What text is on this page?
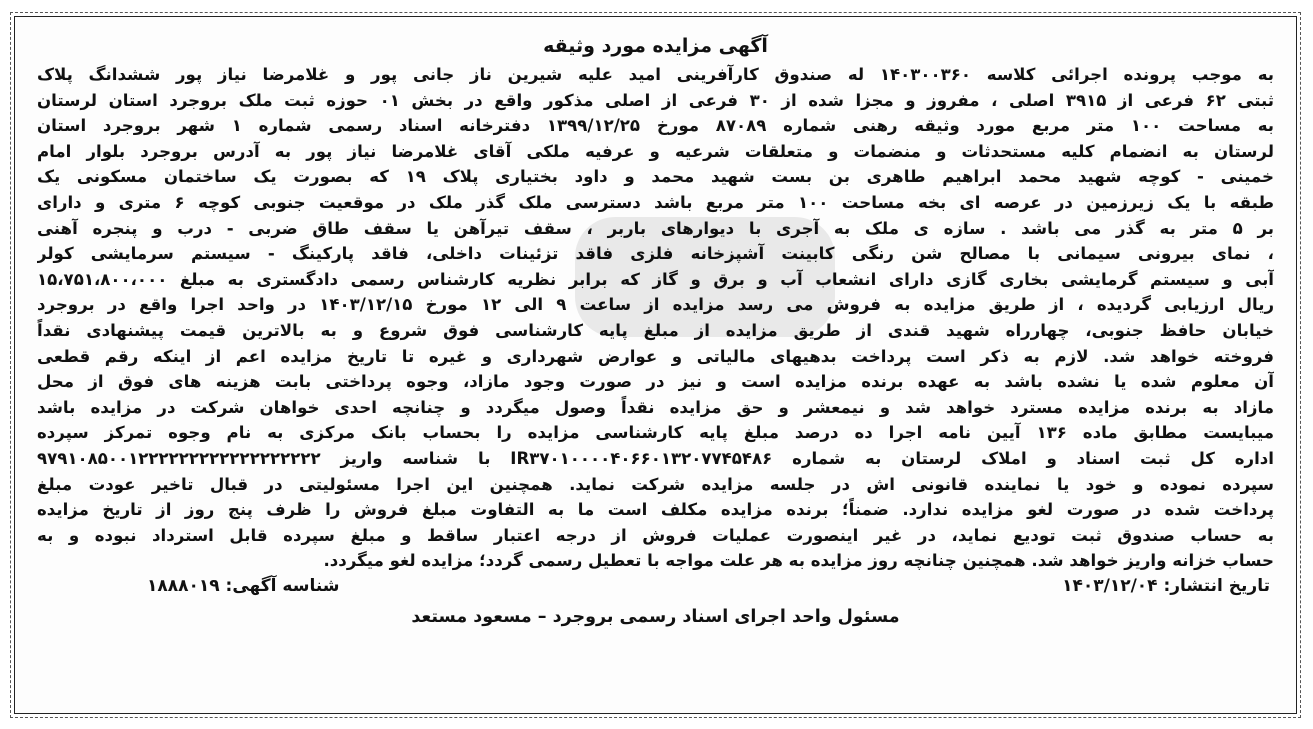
آگهی مزایده مورد وثیقه
به موجب پرونده اجرائی کلاسه ۱۴۰۳۰۰۳۶۰ له صندوق کارآفرینی امید علیه شیرین ناز جانی پور و غلامرضا نیاز پور ششدانگ پلاک
ثبتی ۶۲ فرعی از ۳۹۱۵ اصلی ، مفروز و مجزا شده از ۳۰ فرعی از اصلی مذکور واقع در بخش ۰۱ حوزه ثبت ملک بروجرد استان لرستان
به مساحت ۱۰۰ متر مربع مورد وثیقه رهنی شماره ۸۷۰۸۹ مورخ ۱۳۹۹/۱۲/۲۵ دفترخانه اسناد رسمی شماره ۱ شهر بروجرد استان
لرستان به انضمام کلیه مستحدثات و منضمات و متعلقات شرعیه و عرفیه ملکی آقای غلامرضا نیاز پور به آدرس بروجرد بلوار امام
خمینی - کوچه شهید محمد ابراهیم طاهری بن بست شهید محمد و داود بختیاری پلاک ۱۹ که بصورت یک ساختمان مسکونی یک
طبقه با یک زیرزمین در عرصه ای بخه مساحت ۱۰۰ متر مربع باشد دسترسی ملک گذر ملک در موقعیت جنوبی کوچه ۶ متری و دارای
بر ۵ متر به گذر می باشد . سازه ی ملک به آجری با دیوارهای باربر ، سقف تیرآهن یا سقف طاق ضربی - درب و پنجره آهنی
، نمای بیرونی سیمانی با مصالح شن رنگی کابینت آشپزخانه فلزی فاقد تزئینات داخلی، فاقد پارکینگ - سیستم سرمایشی کولر
آبی و سیستم گرمایشی بخاری گازی دارای انشعاب آب و برق و گاز که برابر نظریه کارشناس رسمی دادگستری به مبلغ ۱۵،۷۵۱،۸۰۰،۰۰۰
ریال ارزیابی گردیده ، از طریق مزایده به فروش می رسد مزایده از ساعت ۹ الی ۱۲ مورخ ۱۴۰۳/۱۲/۱۵ در واحد اجرا واقع در بروجرد
خیابان حافظ جنوبی، چهارراه شهید قندی از طریق مزایده از مبلغ پایه کارشناسی فوق شروع و به بالاترین قیمت پیشنهادی نقداً
فروخته خواهد شد. لازم به ذکر است پرداخت بدهیهای مالیاتی و عوارض شهرداری و غیره تا تاریخ مزایده اعم از اینکه رقم قطعی
آن معلوم شده یا نشده باشد به عهده برنده مزایده است و نیز در صورت وجود مازاد، وجوه پرداختی بابت هزینه های فوق از محل
مازاد به برنده مزایده مسترد خواهد شد و نیمعشر و حق مزایده نقداً وصول میگردد و چنانچه احدی خواهان شرکت در مزایده باشد
میبایست مطابق ماده ۱۳۶ آیین نامه اجرا ده درصد مبلغ پایه کارشناسی مزایده را بحساب بانک مرکزی به نام وجوه تمرکز سپرده
اداره کل ثبت اسناد و املاک لرستان به شماره IR۳۷۰۱۰۰۰۰۴۰۶۶۰۱۳۲۰۷۷۴۵۴۸۶ با شناسه واریز ۹۷۹۱۰۸۵۰۰۱۲۲۲۲۲۲۲۲۲۲۲۲۲۲۲۲۲۲
سپرده نموده و خود یا نماینده قانونی اش در جلسه مزایده شرکت نماید. همچنین این اجرا مسئولیتی در قبال تاخیر عودت مبلغ
پرداخت شده در صورت لغو مزایده ندارد. ضمناً؛ برنده مزایده مکلف است ما به التفاوت مبلغ فروش را ظرف پنج روز از تاریخ مزایده
به حساب صندوق ثبت تودیع نماید، در غیر اینصورت عملیات فروش از درجه اعتبار ساقط و مبلغ سپرده قابل استرداد نبوده و به
حساب خزانه واریز خواهد شد. همچنین چنانچه روز مزایده به هر علت مواجه با تعطیل رسمی گردد؛ مزایده لغو میگردد.
تاریخ انتشار: ۱۴۰۳/۱۲/۰۴
شناسه آگهی: ۱۸۸۸۰۱۹
مسئول واحد اجرای اسناد رسمی بروجرد – مسعود مستعد
